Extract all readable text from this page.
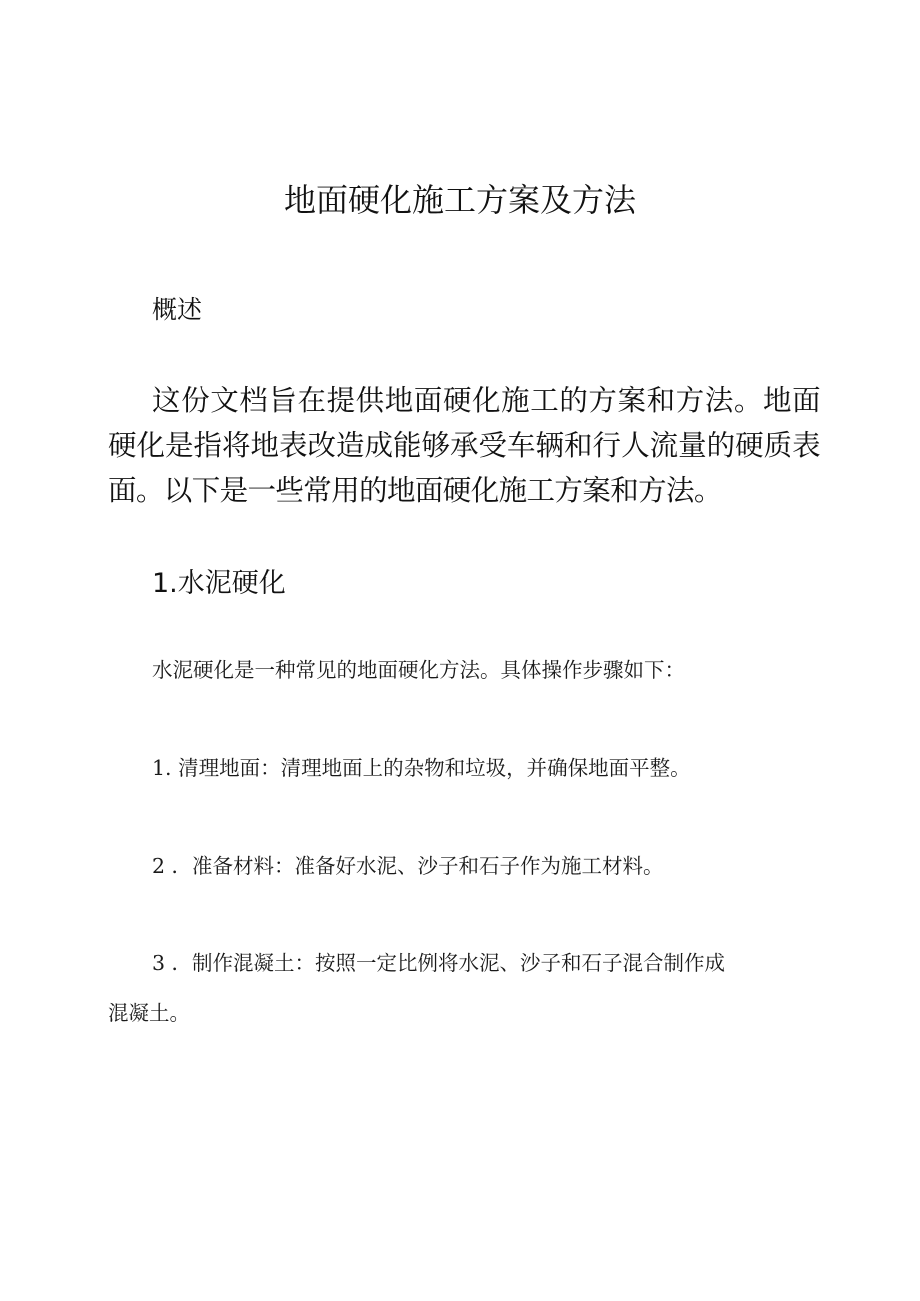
地面硬化施工方案及方法
概述

这份文档旨在提供地面硬化施工的方案和方法。地面硬化是指将地表改造成能够承受车辆和行人流量的硬质表面。以下是一些常用的地面硬化施工方案和方法。

1.水泥硬化

水泥硬化是一种常见的地面硬化方法。具体操作步骤如下：

1. 清理地面：清理地面上的杂物和垃圾，并确保地面平整。

2 ．准备材料：准备好水泥、沙子和石子作为施工材料。

3 ．制作混凝土：按照一定比例将水泥、沙子和石子混合制作成

混凝土。
